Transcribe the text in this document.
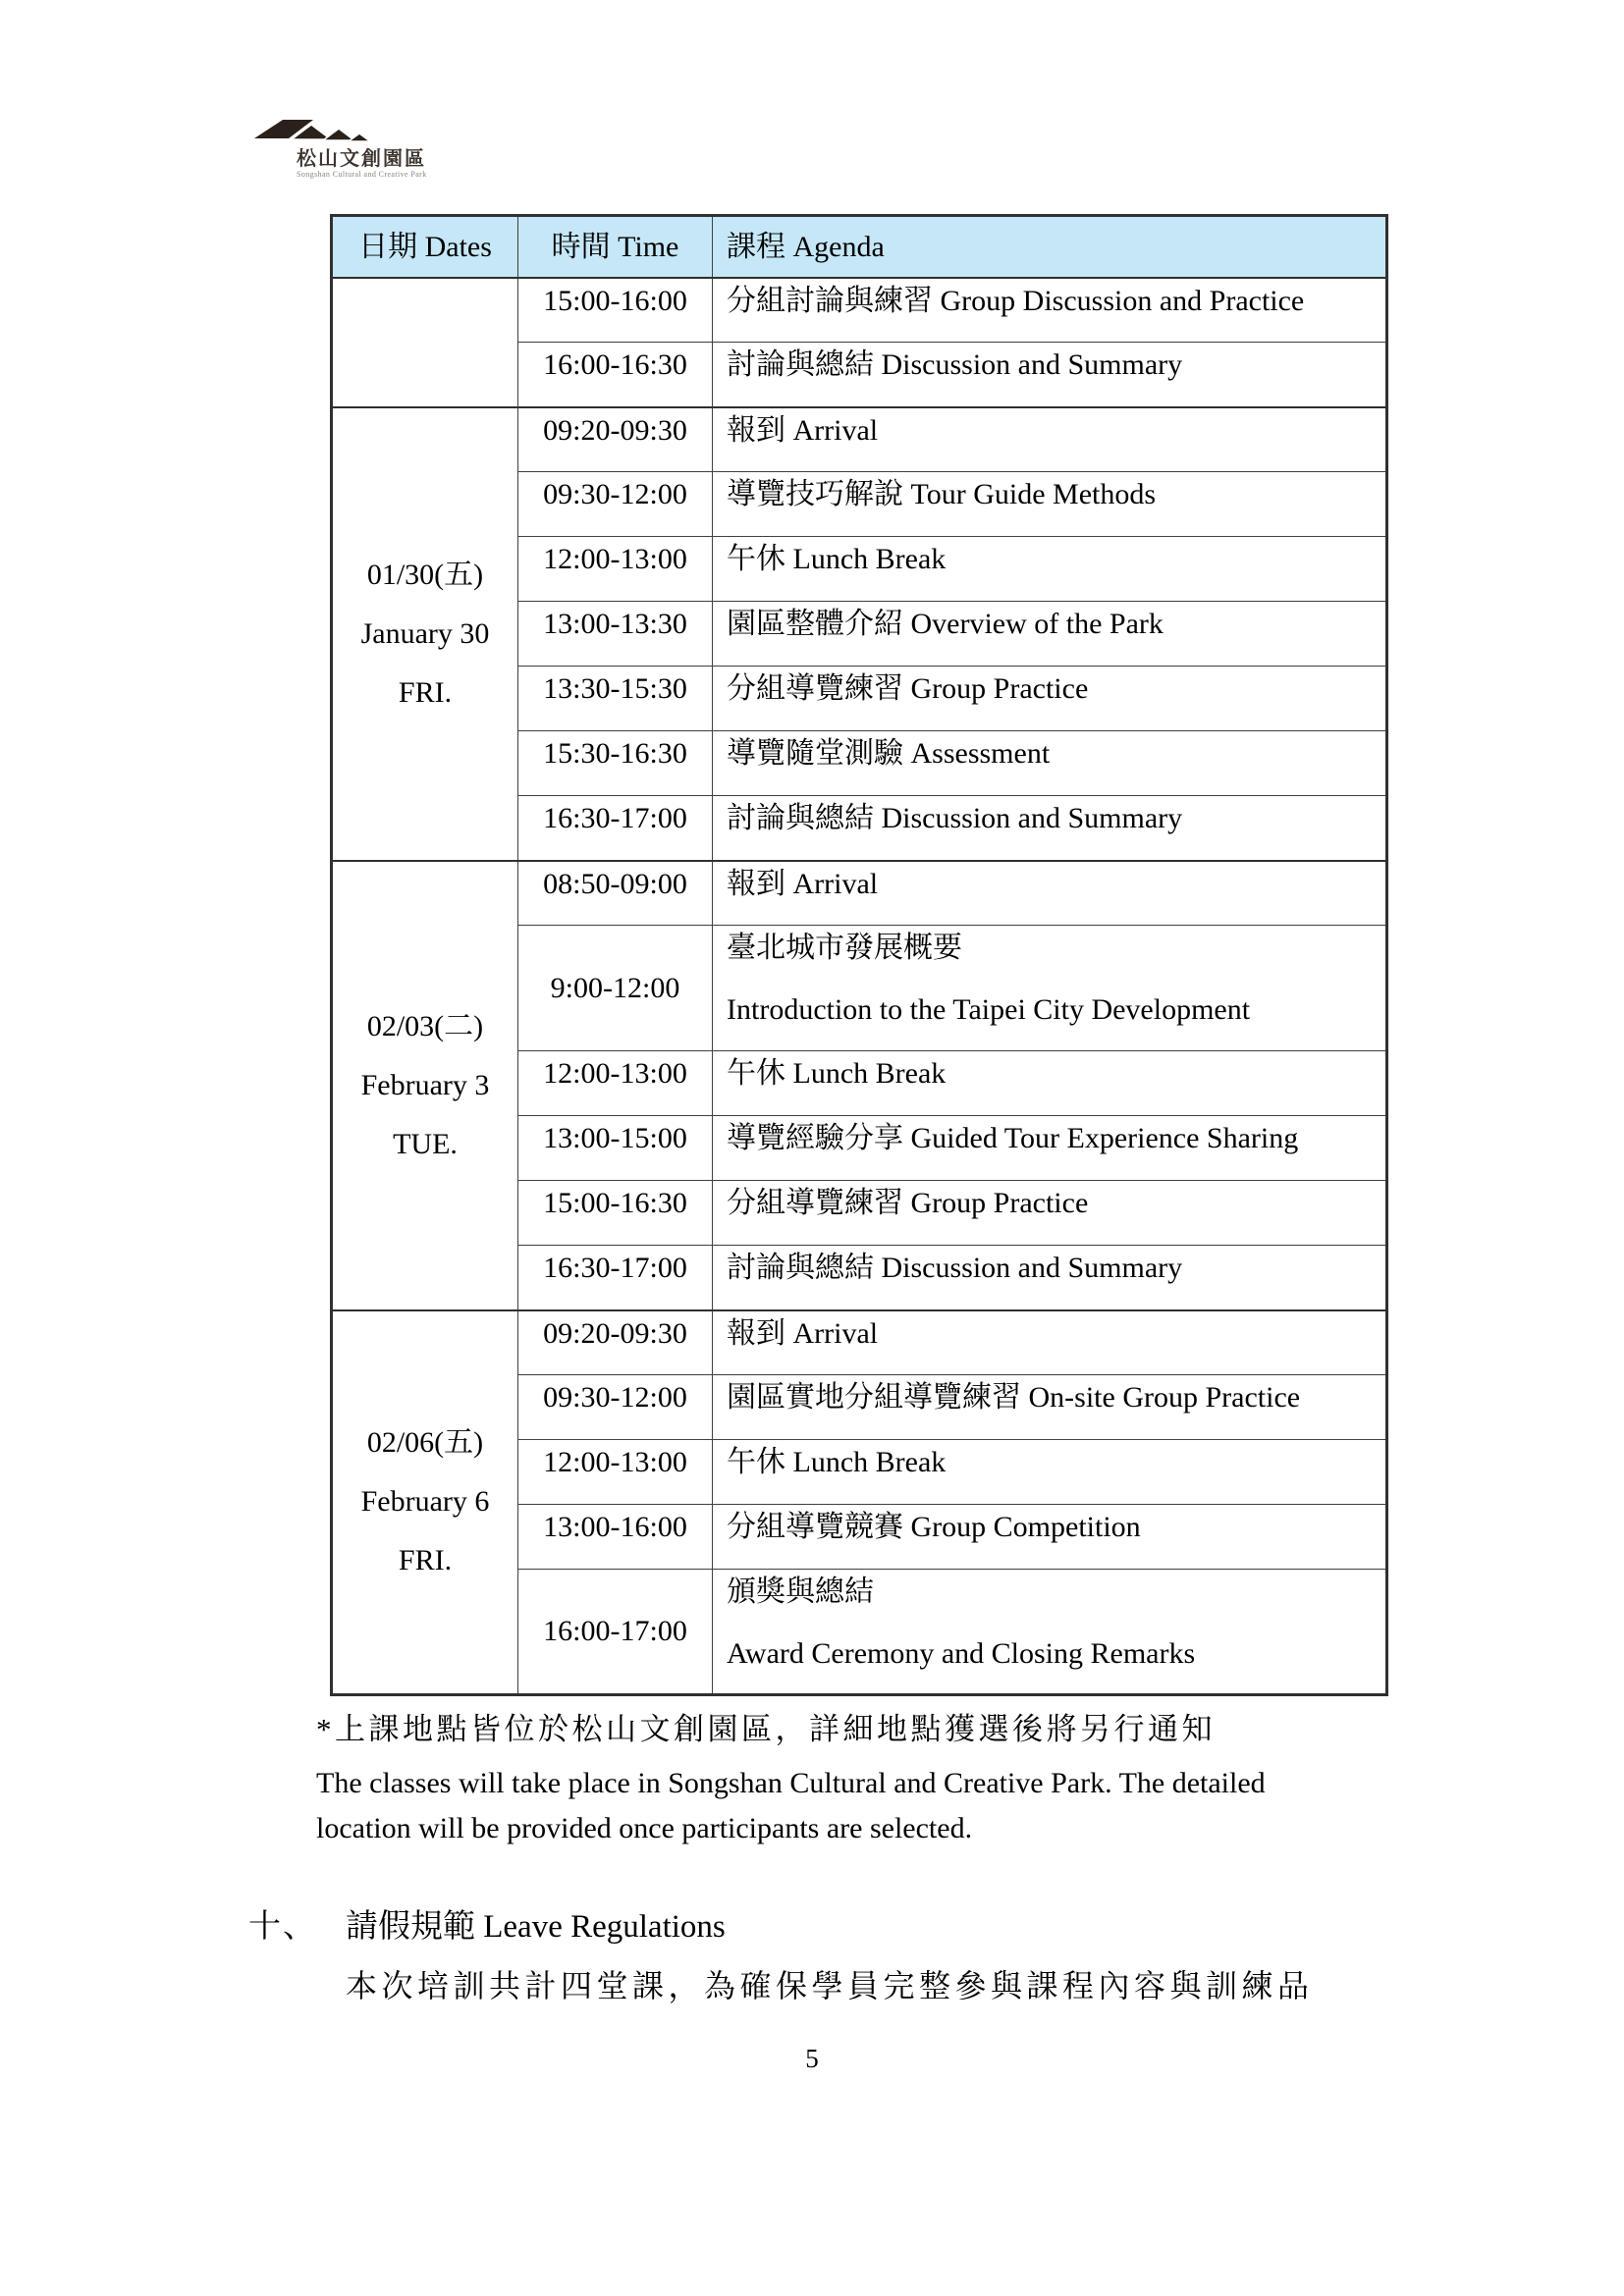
松山文創園區
Songshan Cultural and Creative Park
日期 Dates	時間 Time	課程 Agenda
	15:00-16:00	分組討論與練習 Group Discussion and Practice

	16:00-16:30	討論與總結 Discussion and Summary

01/30(五)
January 30
FRI.	09:20-09:30	報到 Arrival

	09:30-12:00	導覽技巧解說 Tour Guide Methods

	12:00-13:00	午休 Lunch Break

	13:00-13:30	園區整體介紹 Overview of the Park

	13:30-15:30	分組導覽練習 Group Practice

	15:30-16:30	導覽隨堂測驗 Assessment

	16:30-17:00	討論與總結 Discussion and Summary

02/03(二)
February 3
TUE.	08:50-09:00	報到 Arrival

	9:00-12:00	臺北城市發展概要
Introduction to the Taipei City Development

	12:00-13:00	午休 Lunch Break

	13:00-15:00	導覽經驗分享 Guided Tour Experience Sharing

	15:00-16:30	分組導覽練習 Group Practice

	16:30-17:00	討論與總結 Discussion and Summary

02/06(五)
February 6
FRI.	09:20-09:30	報到 Arrival

	09:30-12:00	園區實地分組導覽練習 On-site Group Practice

	12:00-13:00	午休 Lunch Break

	13:00-16:00	分組導覽競賽 Group Competition

	16:00-17:00	頒獎與總結
Award Ceremony and Closing Remarks
*上課地點皆位於松山文創園區，詳細地點獲選後將另行通知
The classes will take place in Songshan Cultural and Creative Park. The detailed
location will be provided once participants are selected.
十、 請假規範 Leave Regulations
本次培訓共計四堂課，為確保學員完整參與課程內容與訓練品
5
